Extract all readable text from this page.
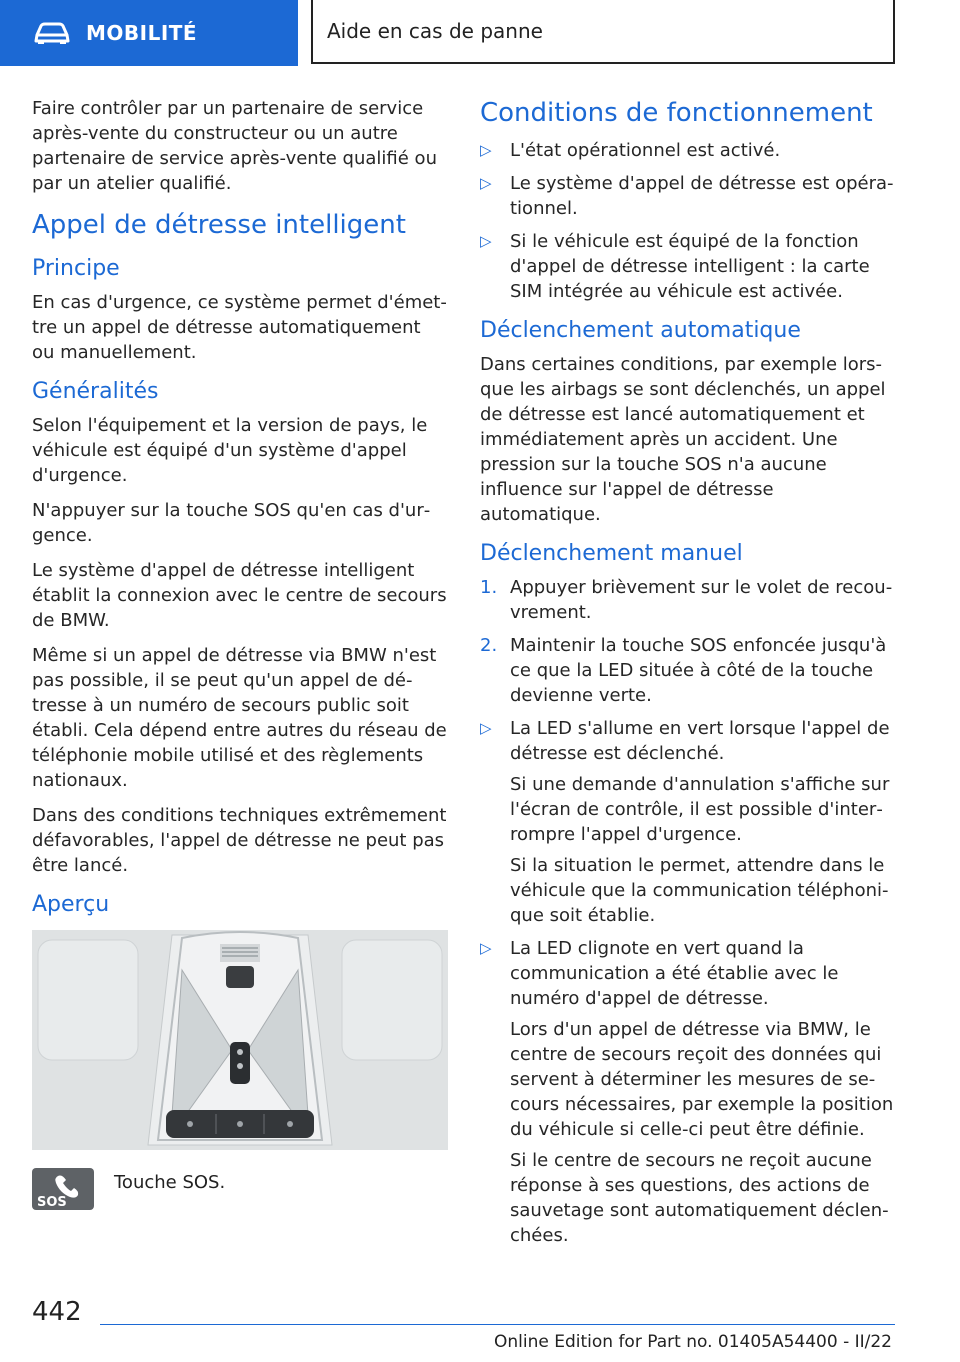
MOBILITÉ	Aide en cas de panne

Faire contrôler par un partenaire de service après-vente du constructeur ou un autre partenaire de service après-vente qualifié ou par un atelier qualifié.

Appel de détresse intelligent
Principe

En cas d'urgence, ce système permet d'émettre un appel de détresse automatiquement ou manuellement.

Généralités

Selon l'équipement et la version de pays, le véhicule est équipé d'un système d'appel d'urgence.

N'appuyer sur la touche SOS qu'en cas d'urgence.

Le système d'appel de détresse intelligent établit la connexion avec le centre de secours de BMW.

Même si un appel de détresse via BMW n'est pas possible, il se peut qu'un appel de détresse à un numéro de secours public soit établi. Cela dépend entre autres du réseau de téléphonie mobile utilisé et des règlements nationaux.

Dans des conditions techniques extrêmement défavorables, l'appel de détresse ne peut pas être lancé.

Aperçu
SOS
Touche SOS.
Conditions de fonctionnement
▷ L'état opérationnel est activé.
▷ Le système d'appel de détresse est opérationnel.
▷ Si le véhicule est équipé de la fonction d'appel de détresse intelligent : la carte SIM intégrée au véhicule est activée.
Déclenchement automatique

Dans certaines conditions, par exemple lorsque les airbags se sont déclenchés, un appel de détresse est lancé automatiquement et immédiatement après un accident. Une pression sur la touche SOS n'a aucune influence sur l'appel de détresse automatique.

Déclenchement manuel
1. Appuyer brièvement sur le volet de recouvrement.
2. Maintenir la touche SOS enfoncée jusqu'à ce que la LED située à côté de la touche devienne verte.
▷ La LED s'allume en vert lorsque l'appel de détresse est déclenché.

Si une demande d'annulation s'affiche sur l'écran de contrôle, il est possible d'interrompre l'appel d'urgence.

Si la situation le permet, attendre dans le véhicule que la communication téléphonique soit établie.

▷ La LED clignote en vert quand la communication a été établie avec le numéro d'appel de détresse.

Lors d'un appel de détresse via BMW, le centre de secours reçoit des données qui servent à déterminer les mesures de secours nécessaires, par exemple la position du véhicule si celle-ci peut être définie.

Si le centre de secours ne reçoit aucune réponse à ses questions, des actions de sauvetage sont automatiquement déclenchées.

442
Online Edition for Part no. 01405A54400 - II/22
